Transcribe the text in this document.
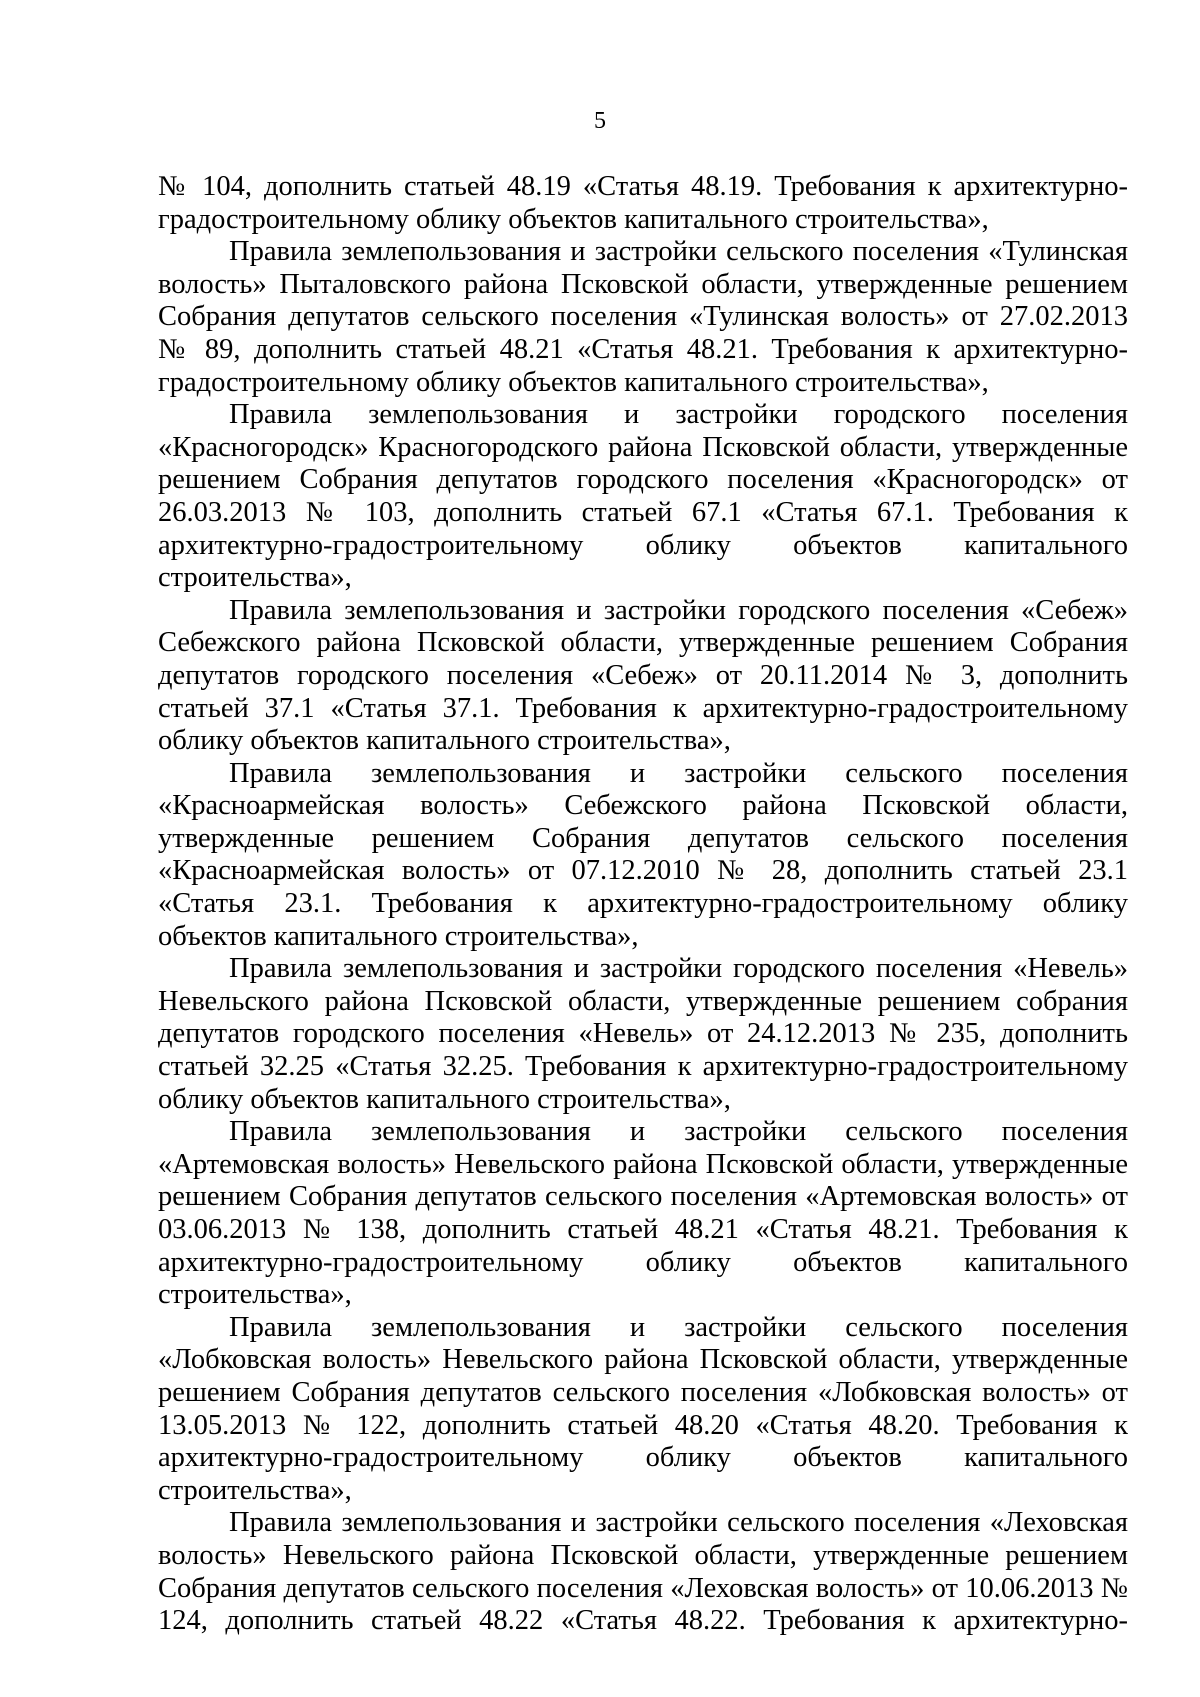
5

№ 104, дополнить статьей 48.19 «Статья 48.19. Требования к архитектурно-градостроительному облику объектов капитального строительства»,

Правила землепользования и застройки сельского поселения «Тулинская волость» Пыталовского района Псковской области, утвержденные решением Собрания депутатов сельского поселения «Тулинская волость» от 27.02.2013 № 89, дополнить статьей 48.21 «Статья 48.21. Требования к архитектурно-градостроительному облику объектов капитального строительства»,

Правила землепользования и застройки городского поселения «Красногородск» Красногородского района Псковской области, утвержденные решением Собрания депутатов городского поселения «Красногородск» от 26.03.2013 № 103, дополнить статьей 67.1 «Статья 67.1. Требования к архитектурно-градостроительному облику объектов капитального строительства»,

Правила землепользования и застройки городского поселения «Себеж» Себежского района Псковской области, утвержденные решением Собрания депутатов городского поселения «Себеж» от 20.11.2014 № 3, дополнить статьей 37.1 «Статья 37.1. Требования к архитектурно-градостроительному облику объектов капитального строительства»,

Правила землепользования и застройки сельского поселения «Красноармейская волость» Себежского района Псковской области, утвержденные решением Собрания депутатов сельского поселения «Красноармейская волость» от 07.12.2010 № 28, дополнить статьей 23.1 «Статья 23.1. Требования к архитектурно-градостроительному облику объектов капитального строительства»,

Правила землепользования и застройки городского поселения «Невель» Невельского района Псковской области, утвержденные решением собрания депутатов городского поселения «Невель» от 24.12.2013 № 235, дополнить статьей 32.25 «Статья 32.25. Требования к архитектурно-градостроительному облику объектов капитального строительства»,

Правила землепользования и застройки сельского поселения «Артемовская волость» Невельского района Псковской области, утвержденные решением Собрания депутатов сельского поселения «Артемовская волость» от 03.06.2013 № 138, дополнить статьей 48.21 «Статья 48.21. Требования к архитектурно-градостроительному облику объектов капитального строительства»,

Правила землепользования и застройки сельского поселения «Лобковская волость» Невельского района Псковской области, утвержденные решением Собрания депутатов сельского поселения «Лобковская волость» от 13.05.2013 № 122, дополнить статьей 48.20 «Статья 48.20. Требования к архитектурно-градостроительному облику объектов капитального строительства»,

Правила землепользования и застройки сельского поселения «Леховская волость» Невельского района Псковской области, утвержденные решением Собрания депутатов сельского поселения «Леховская волость» от 10.06.2013 № 124, дополнить статьей 48.22 «Статья 48.22. Требования к архитектурно-
